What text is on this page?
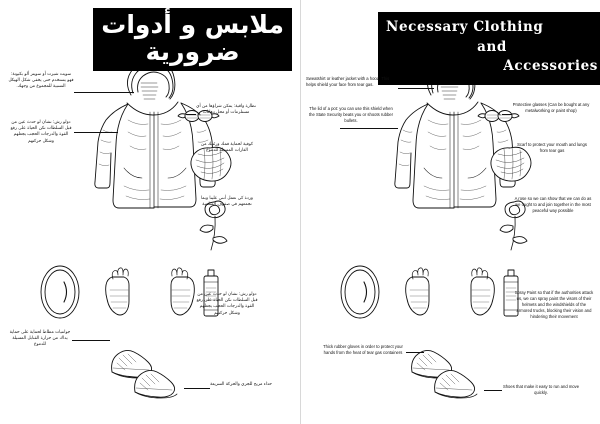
ملابس و أدوات
ضرورية
سويت شيرت أو سويتر ألو بكبوتة: فهو يستخدم حتى يخفي شكل الهيكل النسبية للمجموع من وجهك.
دولو رش: نشان لو حدث عين من قبل السلطات نكن الحياة على رفع القوة والدرجات الحجب يجعلهم وشكل حركتهم
جوانتيات مطاط لحماية على حماية يداك من حرارة القنابل المسيلة للدموع
نظارة واقية: يمكن شراؤها من أي مستلزمات أو محل دهانات
كوفية لحماية فمك ورئتيك من الغازات المسيلة للدموع
وردة كي نعمل أنني علينا وبما نجمعهم في صفوف السلمية
دولو رش: نشان لو حدث عين من قبل السلطات نكن الحياة على رفع القوة والدرجات الحجب يجعلهم وشكل حركتهم
حذاء مريح للجري والحركة السريعة
Necessary Clothing
and
Accessories
Sweatshirt or leather jacket with a hood. This helps shield your face from tear gas.
The lid of a pot: you can use this shield when the State Security beats you or shoots rubber bullets.
Thick rubber gloves in order to protect your hands from the heat of tear gas containers
Protective glasses (Can be bought at any metalworking or paint shop)
Scarf to protect your mouth and lungs from tear gas
A rose so we can show that we can do as we ought to and join together in the most peaceful way possible
Spray Paint so that if the authorities attack us, we can spray paint the visors of their helmets and the windshields of the armored trucks, blocking their vision and hindering their movement
Shoes that make it easy to run and move quickly.
